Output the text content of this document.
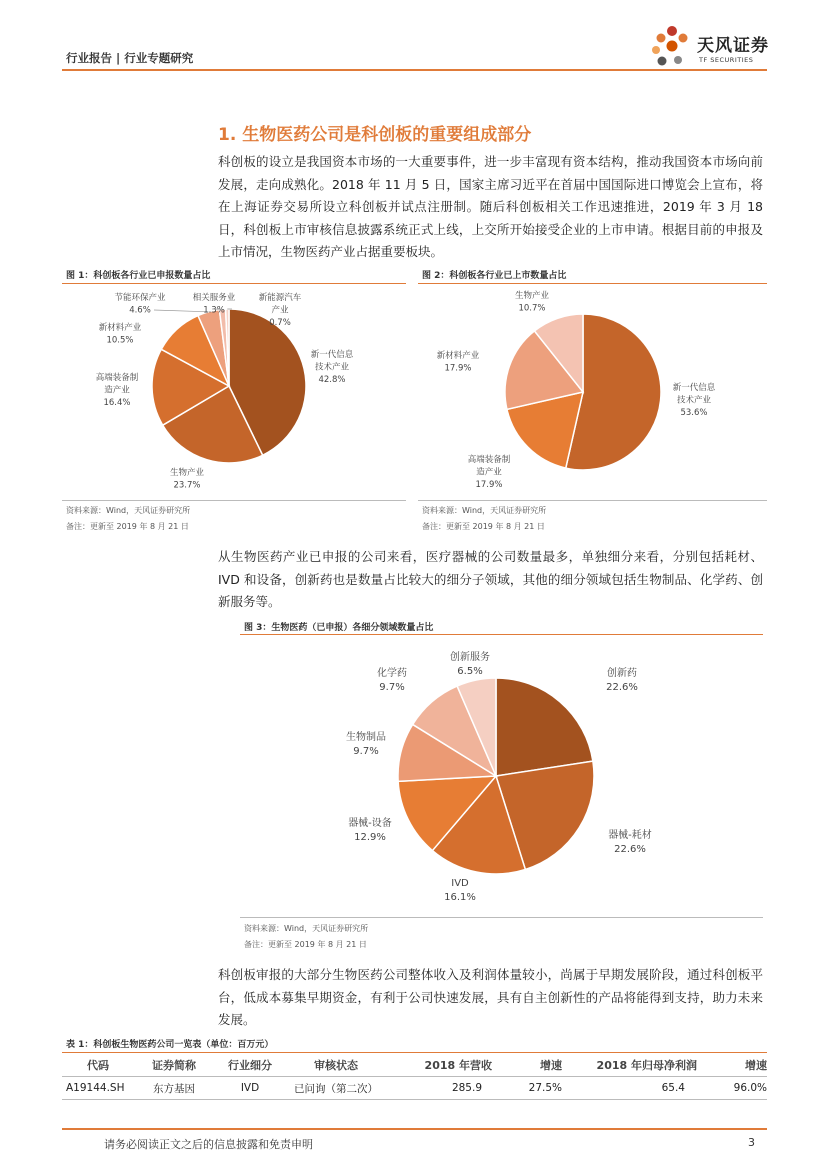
行业报告 | 行业专题研究
天风证券
TF SECURITIES
1. 生物医药公司是科创板的重要组成部分

科创板的设立是我国资本市场的一大重要事件，进一步丰富现有资本结构，推动我国资本市场向前发展，走向成熟化。2018 年 11 月 5 日，国家主席习近平在首届中国国际进口博览会上宣布，将在上海证券交易所设立科创板并试点注册制。随后科创板相关工作迅速推进，2019 年 3 月 18 日，科创板上市审核信息披露系统正式上线，上交所开始接受企业的上市申请。根据目前的申报及上市情况，生物医药产业占据重要板块。

图 1：科创板各行业已申报数量占比
新一代信息
技术产业
42.8%
生物产业
23.7%
高端装备制
造产业
16.4%
新材料产业
10.5%
节能环保产业
4.6%
相关服务业
1.3%
新能源汽车
产业
0.7%
资料来源：Wind，天风证券研究所
备注：更新至 2019 年 8 月 21 日
图 2：科创板各行业已上市数量占比
新一代信息
技术产业
53.6%
高端装备制
造产业
17.9%
新材料产业
17.9%
生物产业
10.7%
资料来源：Wind，天风证券研究所
备注：更新至 2019 年 8 月 21 日

从生物医药产业已申报的公司来看，医疗器械的公司数量最多，单独细分来看，分别包括耗材、IVD 和设备，创新药也是数量占比较大的细分子领域，其他的细分领域包括生物制品、化学药、创新服务等。

图 3：生物医药（已申报）各细分领域数量占比
创新药
22.6%
器械-耗材
22.6%
IVD
16.1%
器械-设备
12.9%
生物制品
9.7%
化学药
9.7%
创新服务
6.5%
资料来源：Wind，天风证券研究所
备注：更新至 2019 年 8 月 21 日

科创板审报的大部分生物医药公司整体收入及利润体量较小，尚属于早期发展阶段，通过科创板平台，低成本募集早期资金，有利于公司快速发展，具有自主创新性的产品将能得到支持，助力未来发展。

表 1：科创板生物医药公司一览表（单位：百万元）
代码	证券简称	行业细分	审核状态	2018 年营收	增速	2018 年归母净利润	增速
A19144.SH	东方基因	IVD	已问询（第二次）	285.9	27.5%	65.4	96.0%
请务必阅读正文之后的信息披露和免责申明	3
